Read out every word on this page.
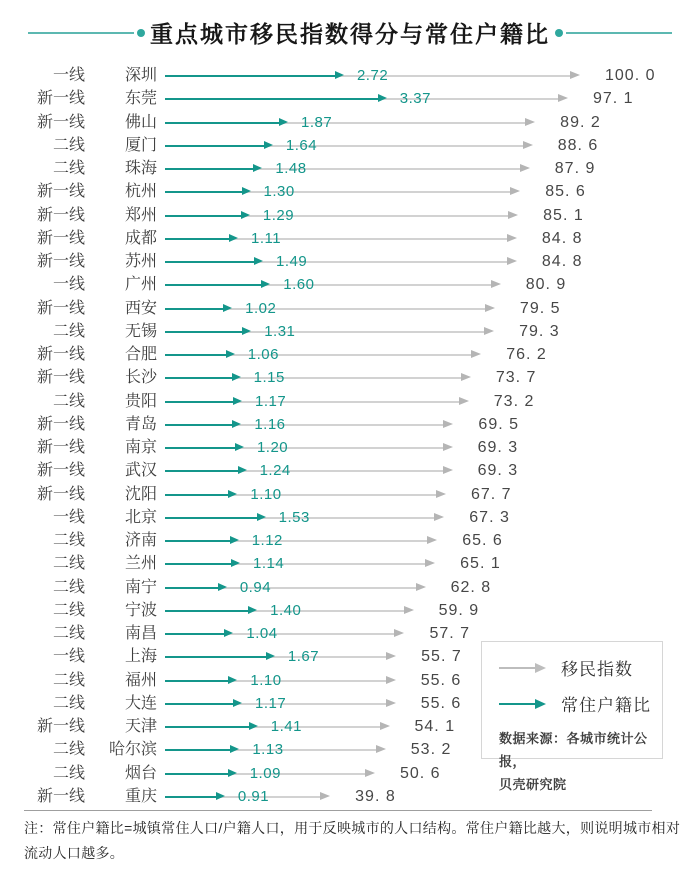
重点城市移民指数得分与常住户籍比
一线	深圳	2.72	100. 0
新一线	东莞	3.37	97. 1
新一线	佛山	1.87	89. 2
二线	厦门	1.64	88. 6
二线	珠海	1.48	87. 9
新一线	杭州	1.30	85. 6
新一线	郑州	1.29	85. 1
新一线	成都	1.11	84. 8
新一线	苏州	1.49	84. 8
一线	广州	1.60	80. 9
新一线	西安	1.02	79. 5
二线	无锡	1.31	79. 3
新一线	合肥	1.06	76. 2
新一线	长沙	1.15	73. 7
二线	贵阳	1.17	73. 2
新一线	青岛	1.16	69. 5
新一线	南京	1.20	69. 3
新一线	武汉	1.24	69. 3
新一线	沈阳	1.10	67. 7
一线	北京	1.53	67. 3
二线	济南	1.12	65. 6
二线	兰州	1.14	65. 1
二线	南宁	0.94	62. 8
二线	宁波	1.40	59. 9
二线	南昌	1.04	57. 7
一线	上海	1.67	55. 7
二线	福州	1.10	55. 6
二线	大连	1.17	55. 6
新一线	天津	1.41	54. 1
二线	哈尔滨	1.13	53. 2
二线	烟台	1.09	50. 6
新一线	重庆	0.91	39. 8
移民指数
常住户籍比
数据来源：各城市统计公报，
贝壳研究院
注：常住户籍比=城镇常住人口/户籍人口，用于反映城市的人口结构。常住户籍比越大，则说明城市相对流动人口越多。
